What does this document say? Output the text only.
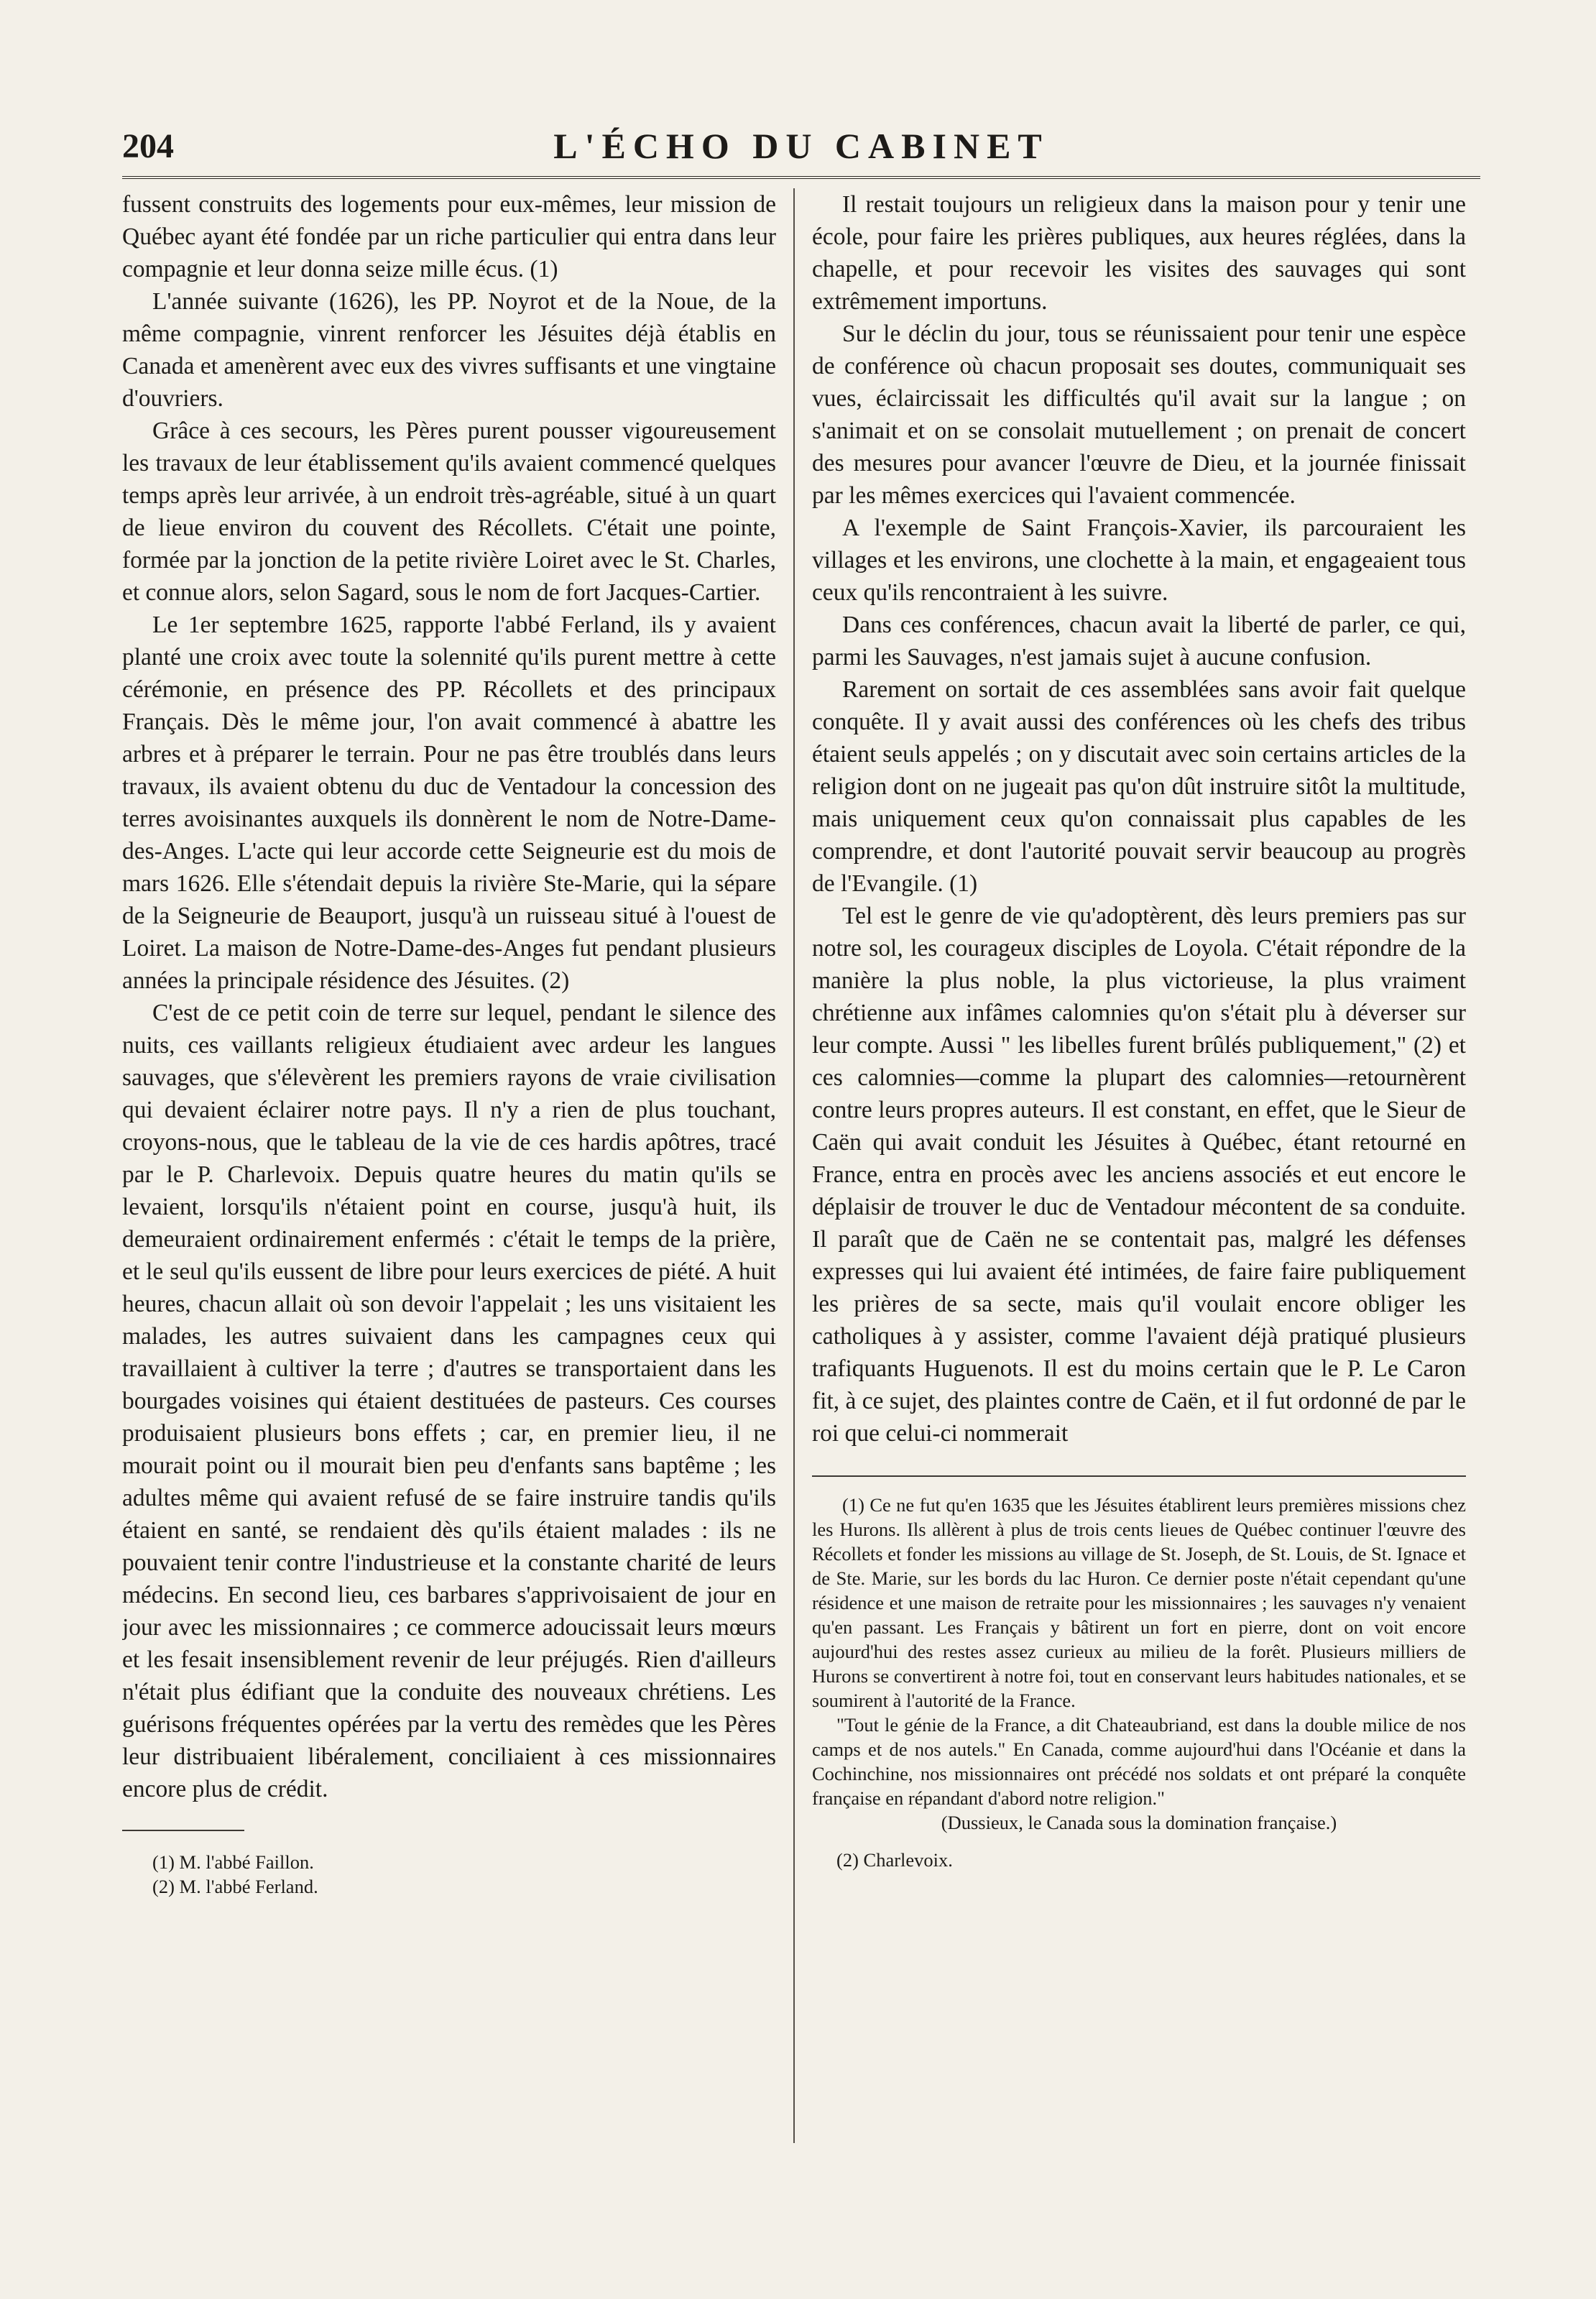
204	L'ÉCHO DU CABINET

fussent construits des logements pour eux-mêmes, leur mission de Québec ayant été fondée par un riche particulier qui entra dans leur compagnie et leur donna seize mille écus. (1)

L'année suivante (1626), les PP. Noyrot et de la Noue, de la même compagnie, vinrent renforcer les Jésuites déjà établis en Canada et amenèrent avec eux des vivres suffisants et une vingtaine d'ouvriers.

Grâce à ces secours, les Pères purent pousser vigoureusement les travaux de leur établissement qu'ils avaient commencé quelques temps après leur arrivée, à un endroit très-agréable, situé à un quart de lieue environ du couvent des Récollets. C'était une pointe, formée par la jonction de la petite rivière Loiret avec le St. Charles, et connue alors, selon Sagard, sous le nom de fort Jacques-Cartier.

Le 1er septembre 1625, rapporte l'abbé Ferland, ils y avaient planté une croix avec toute la solennité qu'ils purent mettre à cette cérémonie, en présence des PP. Récollets et des principaux Français. Dès le même jour, l'on avait commencé à abattre les arbres et à préparer le terrain. Pour ne pas être troublés dans leurs travaux, ils avaient obtenu du duc de Ventadour la concession des terres avoisinantes auxquels ils donnèrent le nom de Notre-Dame-des-Anges. L'acte qui leur accorde cette Seigneurie est du mois de mars 1626. Elle s'étendait depuis la rivière Ste-Marie, qui la sépare de la Seigneurie de Beauport, jusqu'à un ruisseau situé à l'ouest de Loiret. La maison de Notre-Dame-des-Anges fut pendant plusieurs années la principale résidence des Jésuites. (2)

C'est de ce petit coin de terre sur lequel, pendant le silence des nuits, ces vaillants religieux étudiaient avec ardeur les langues sauvages, que s'élevèrent les premiers rayons de vraie civilisation qui devaient éclairer notre pays. Il n'y a rien de plus touchant, croyons-nous, que le tableau de la vie de ces hardis apôtres, tracé par le P. Charlevoix. Depuis quatre heures du matin qu'ils se levaient, lorsqu'ils n'étaient point en course, jusqu'à huit, ils demeuraient ordinairement enfermés : c'était le temps de la prière, et le seul qu'ils eussent de libre pour leurs exercices de piété. A huit heures, chacun allait où son devoir l'appelait ; les uns visitaient les malades, les autres suivaient dans les campagnes ceux qui travaillaient à cultiver la terre ; d'autres se transportaient dans les bourgades voisines qui étaient destituées de pasteurs. Ces courses produisaient plusieurs bons effets ; car, en premier lieu, il ne mourait point ou il mourait bien peu d'enfants sans baptême ; les adultes même qui avaient refusé de se faire instruire tandis qu'ils étaient en santé, se rendaient dès qu'ils étaient malades : ils ne pouvaient tenir contre l'industrieuse et la constante charité de leurs médecins. En second lieu, ces barbares s'apprivoisaient de jour en jour avec les missionnaires ; ce commerce adoucissait leurs mœurs et les fesait insensiblement revenir de leur préjugés. Rien d'ailleurs n'était plus édifiant que la conduite des nouveaux chrétiens. Les guérisons fréquentes opérées par la vertu des remèdes que les Pères leur distribuaient libéralement, conciliaient à ces missionnaires encore plus de crédit.

(1) M. l'abbé Faillon.

(2) M. l'abbé Ferland.

Il restait toujours un religieux dans la maison pour y tenir une école, pour faire les prières publiques, aux heures réglées, dans la chapelle, et pour recevoir les visites des sauvages qui sont extrêmement importuns.

Sur le déclin du jour, tous se réunissaient pour tenir une espèce de conférence où chacun proposait ses doutes, communiquait ses vues, éclaircissait les difficultés qu'il avait sur la langue ; on s'animait et on se consolait mutuellement ; on prenait de concert des mesures pour avancer l'œuvre de Dieu, et la journée finissait par les mêmes exercices qui l'avaient commencée.

A l'exemple de Saint François-Xavier, ils parcouraient les villages et les environs, une clochette à la main, et engageaient tous ceux qu'ils rencontraient à les suivre.

Dans ces conférences, chacun avait la liberté de parler, ce qui, parmi les Sauvages, n'est jamais sujet à aucune confusion.

Rarement on sortait de ces assemblées sans avoir fait quelque conquête. Il y avait aussi des conférences où les chefs des tribus étaient seuls appelés ; on y discutait avec soin certains articles de la religion dont on ne jugeait pas qu'on dût instruire sitôt la multitude, mais uniquement ceux qu'on connaissait plus capables de les comprendre, et dont l'autorité pouvait servir beaucoup au progrès de l'Evangile. (1)

Tel est le genre de vie qu'adoptèrent, dès leurs premiers pas sur notre sol, les courageux disciples de Loyola. C'était répondre de la manière la plus noble, la plus victorieuse, la plus vraiment chrétienne aux infâmes calomnies qu'on s'était plu à déverser sur leur compte. Aussi " les libelles furent brûlés publiquement," (2) et ces calomnies—comme la plupart des calomnies—retournèrent contre leurs propres auteurs. Il est constant, en effet, que le Sieur de Caën qui avait conduit les Jésuites à Québec, étant retourné en France, entra en procès avec les anciens associés et eut encore le déplaisir de trouver le duc de Ventadour mécontent de sa conduite. Il paraît que de Caën ne se contentait pas, malgré les défenses expresses qui lui avaient été intimées, de faire faire publiquement les prières de sa secte, mais qu'il voulait encore obliger les catholiques à y assister, comme l'avaient déjà pratiqué plusieurs trafiquants Huguenots. Il est du moins certain que le P. Le Caron fit, à ce sujet, des plaintes contre de Caën, et il fut ordonné de par le roi que celui-ci nommerait

(1) Ce ne fut qu'en 1635 que les Jésuites établirent leurs premières missions chez les Hurons. Ils allèrent à plus de trois cents lieues de Québec continuer l'œuvre des Récollets et fonder les missions au village de St. Joseph, de St. Louis, de St. Ignace et de Ste. Marie, sur les bords du lac Huron. Ce dernier poste n'était cependant qu'une résidence et une maison de retraite pour les missionnaires ; les sauvages n'y venaient qu'en passant. Les Français y bâtirent un fort en pierre, dont on voit encore aujourd'hui des restes assez curieux au milieu de la forêt. Plusieurs milliers de Hurons se convertirent à notre foi, tout en conservant leurs habitudes nationales, et se soumirent à l'autorité de la France.

"Tout le génie de la France, a dit Chateaubriand, est dans la double milice de nos camps et de nos autels." En Canada, comme aujourd'hui dans l'Océanie et dans la Cochinchine, nos missionnaires ont précédé nos soldats et ont préparé la conquête française en répandant d'abord notre religion."

(Dussieux, le Canada sous la domination française.)

(2) Charlevoix.
